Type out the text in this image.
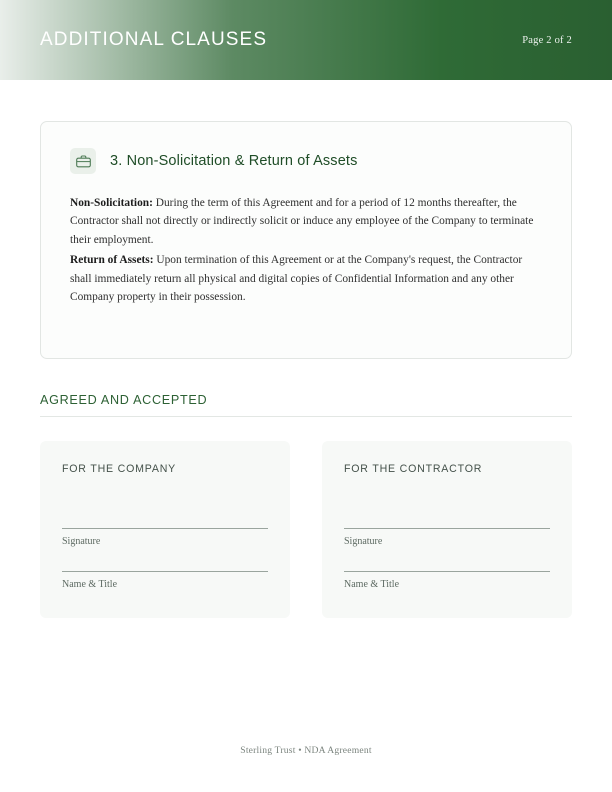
ADDITIONAL CLAUSES	Page 2 of 2
3. Non-Solicitation & Return of Assets

Non-Solicitation: During the term of this Agreement and for a period of 12 months thereafter, the Contractor shall not directly or indirectly solicit or induce any employee of the Company to terminate their employment.

Return of Assets: Upon termination of this Agreement or at the Company's request, the Contractor shall immediately return all physical and digital copies of Confidential Information and any other Company property in their possession.

AGREED AND ACCEPTED
FOR THE COMPANY
Signature
Name & Title
FOR THE CONTRACTOR
Signature
Name & Title
Sterling Trust • NDA Agreement
